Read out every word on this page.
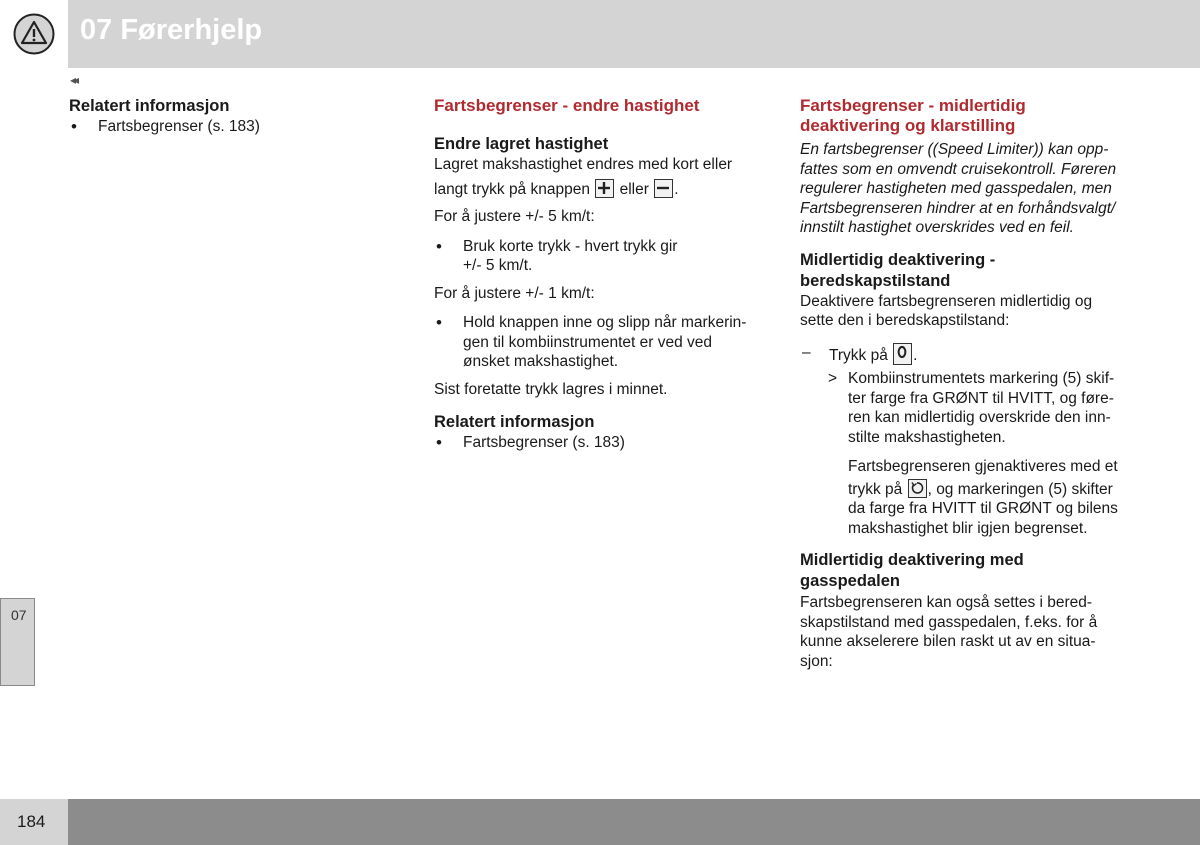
07 Førerhjelp
◂◂
Relatert informasjon
• Fartsbegrenser (s. 183)
Fartsbegrenser - endre hastighet
Endre lagret hastighet
Lagret makshastighet endres med kort eller
langt trykk på knappen eller .
For å justere +/- 5 km/t:
• Bruk korte trykk - hvert trykk gir
+/- 5 km/t.
For å justere +/- 1 km/t:
• Hold knappen inne og slipp når markerin-
gen til kombiinstrumentet er ved ved
ønsket makshastighet.
Sist foretatte trykk lagres i minnet.
Relatert informasjon
• Fartsbegrenser (s. 183)
Fartsbegrenser - midlertidig
deaktivering og klarstilling
En fartsbegrenser ((Speed Limiter)) kan opp-
fattes som en omvendt cruisekontroll. Føreren
regulerer hastigheten med gasspedalen, men
Fartsbegrenseren hindrer at en forhåndsvalgt/
innstilt hastighet overskrides ved en feil.
Midlertidig deaktivering -
beredskapstilstand
Deaktivere fartsbegrenseren midlertidig og
sette den i beredskapstilstand:
– Trykk på .
> Kombiinstrumentets markering (5) skif-
ter farge fra GRØNT til HVITT, og føre-
ren kan midlertidig overskride den inn-
stilte makshastigheten.
Fartsbegrenseren gjenaktiveres med et
trykk på , og markeringen (5) skifter
da farge fra HVITT til GRØNT og bilens
makshastighet blir igjen begrenset.
Midlertidig deaktivering med
gasspedalen
Fartsbegrenseren kan også settes i bered-
skapstilstand med gasspedalen, f.eks. for å
kunne akselerere bilen raskt ut av en situa-
sjon:
07
184
